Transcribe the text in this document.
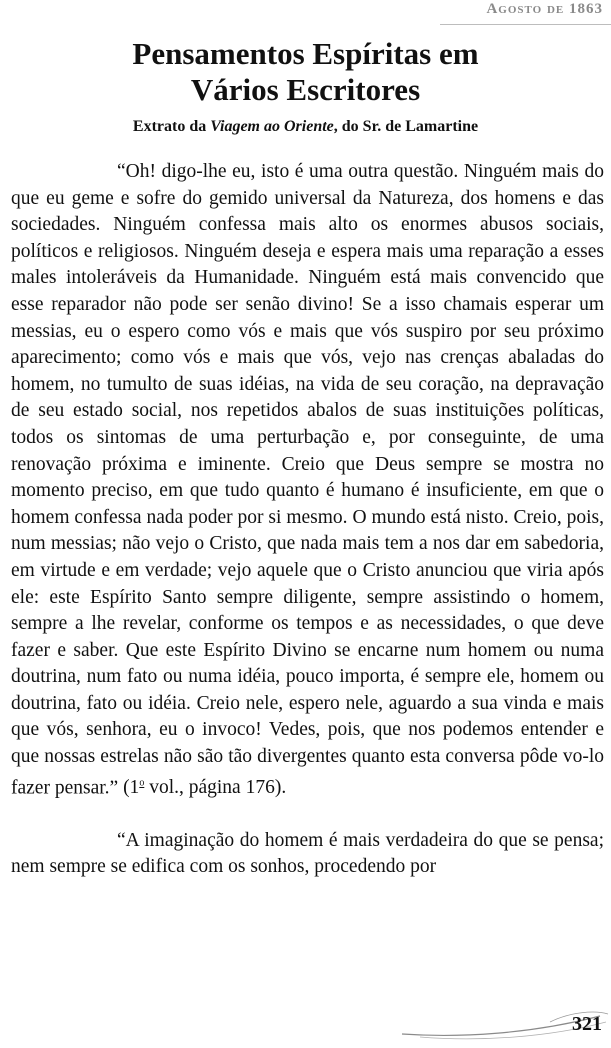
Agosto de 1863
Pensamentos Espíritas em
Vários Escritores

Extrato da Viagem ao Oriente, do Sr. de Lamartine

“Oh! digo-lhe eu, isto é uma outra questão. Ninguém mais do que eu geme e sofre do gemido universal da Natureza, dos homens e das sociedades. Ninguém confessa mais alto os enormes abusos sociais, políticos e religiosos. Ninguém deseja e espera mais uma reparação a esses males intoleráveis da Humanidade. Ninguém está mais convencido que esse reparador não pode ser senão divino! Se a isso chamais esperar um messias, eu o espero como vós e mais que vós suspiro por seu próximo aparecimento; como vós e mais que vós, vejo nas crenças abaladas do homem, no tumulto de suas idéias, na vida de seu coração, na depravação de seu estado social, nos repetidos abalos de suas instituições políticas, todos os sintomas de uma perturbação e, por conseguinte, de uma renovação próxima e iminente. Creio que Deus sempre se mostra no momento preciso, em que tudo quanto é humano é insuficiente, em que o homem confessa nada poder por si mesmo. O mundo está nisto. Creio, pois, num messias; não vejo o Cristo, que nada mais tem a nos dar em sabedoria, em virtude e em verdade; vejo aquele que o Cristo anunciou que viria após ele: este Espírito Santo sempre diligente, sempre assistindo o homem, sempre a lhe revelar, conforme os tempos e as necessidades, o que deve fazer e saber. Que este Espírito Divino se encarne num homem ou numa doutrina, num fato ou numa idéia, pouco importa, é sempre ele, homem ou doutrina, fato ou idéia. Creio nele, espero nele, aguardo a sua vinda e mais que vós, senhora, eu o invoco! Vedes, pois, que nos podemos entender e que nossas estrelas não são tão divergentes quanto esta conversa pôde vo-lo fazer pensar.” (1$^o$ vol., página 176).

“A imaginação do homem é mais verdadeira do que se pensa; nem sempre se edifica com os sonhos, procedendo por

321
